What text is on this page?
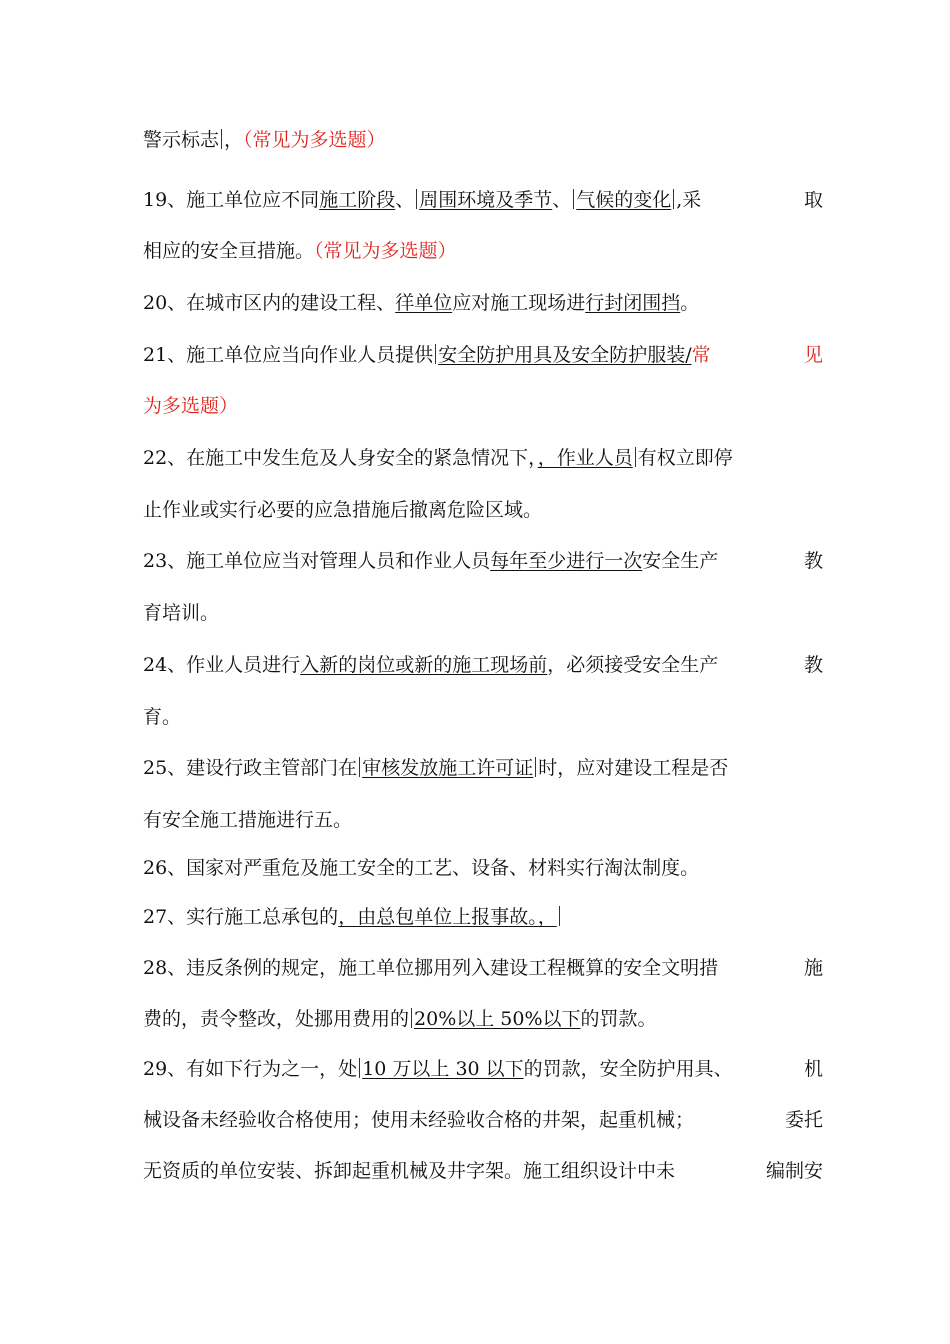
警示标志 ，（常见为多选题）
19、施工单位应不同施工阶段、 周围环境及季节、 气候的变化 ,采	取
相应的安全亘措施。（常见为多选题）
20、在城市区内的建设工程、徉单位应对施工现场进行封闭围挡。
21、施工单位应当向作业人员提供 安全防护用具及安全防护服装/常	见
为多选题）
22、在施工中发生危及人身安全的紧急情况下，，作业人员 有权立即停
止作业或实行必要的应急措施后撤离危险区域。
23、施工单位应当对管理人员和作业人员每年至少进行一次安全生产	教
育培训。
24、作业人员进行入新的岗位或新的施工现场前，必须接受安全生产	教
育。
25、建设行政主管部门在 审核发放施工许可证 时，应对建设工程是否
有安全施工措施进行五。
26、国家对严重危及施工安全的工艺、设备、材料实行淘汰制度。
27、实行施工总承包的，由总包单位上报事故。，
28、违反条例的规定，施工单位挪用列入建设工程概算的安全文明措	施
费的，责令整改，处挪用费用的 20%以上 50%以下的罚款。
29、有如下行为之一，处 10 万以上 30 以下的罚款，安全防护用具、	机
械设备未经验收合格使用；使用未经验收合格的井架，起重机械；	委托
无资质的单位安装、拆卸起重机械及井字架。施工组织设计中未	编制安
